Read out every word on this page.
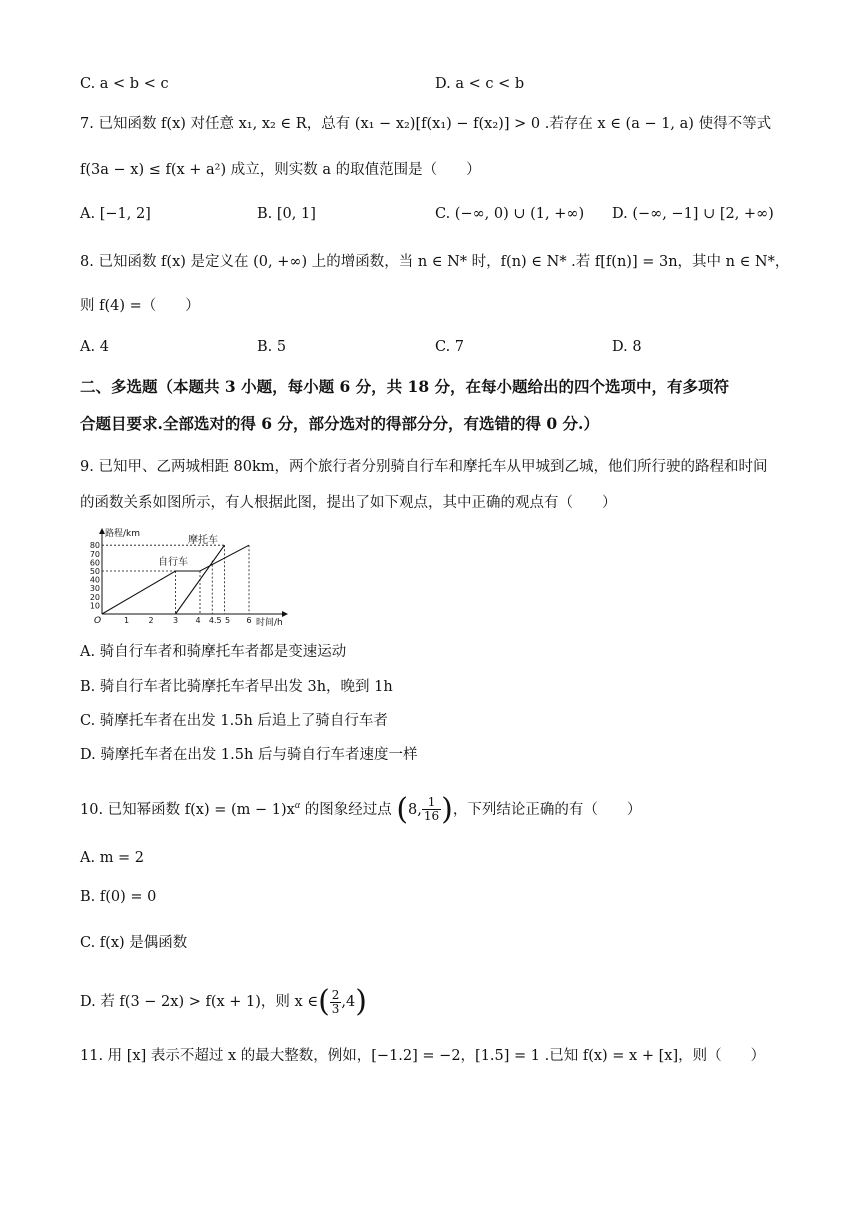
C. a < b < c	D. a < c < b
7. 已知函数 f(x) 对任意 x₁, x₂ ∈ R，总有 (x₁ − x₂)[f(x₁) − f(x₂)] > 0 .若存在 x ∈ (a − 1, a) 使得不等式
f(3a − x) ≤ f(x + a²) 成立，则实数 a 的取值范围是（　　）
A. [−1, 2]	B. [0, 1]	C. (−∞, 0) ∪ (1, +∞) D. (−∞, −1] ∪ [2, +∞)
8. 已知函数 f(x) 是定义在 (0, +∞) 上的增函数，当 n ∈ N* 时，f(n) ∈ N* .若 f[f(n)] = 3n，其中 n ∈ N*，
则 f(4) =（　　）
A. 4	B. 5	C. 7	D. 8
二、多选题（本题共 3 小题，每小题 6 分，共 18 分，在每小题给出的四个选项中，有多项符
合题目要求.全部选对的得 6 分，部分选对的得部分分，有选错的得 0 分.）
9. 已知甲、乙两城相距 80km，两个旅行者分别骑自行车和摩托车从甲城到乙城，他们所行驶的路程和时间
的函数关系如图所示，有人根据此图，提出了如下观点，其中正确的观点有（　　）
路程/km
时间/h
O
10
20
30
40
50
60
70
80
1 2 3 4 4.5 5 6
自行车
摩托车
A. 骑自行车者和骑摩托车者都是变速运动
B. 骑自行车者比骑摩托车者早出发 3h，晚到 1h
C. 骑摩托车者在出发 1.5h 后追上了骑自行车者
D. 骑摩托车者在出发 1.5h 后与骑自行车者速度一样
10. 已知幂函数 $f(x) = (m - 1)x^\alpha$ 的图象经过点 (8, $\frac{1}{16}$ )，下列结论正确的有（　　）
A. m = 2
B. f(0) = 0
C. f(x) 是偶函数
D. 若 f(3 − 2x) > f(x + 1)，则 x ∈( $\frac{2}{3} ,4$)
11. 用 [x] 表示不超过 x 的最大整数，例如，[−1.2] = −2，[1.5] = 1 .已知 f(x) = x + [x]，则（　　）
